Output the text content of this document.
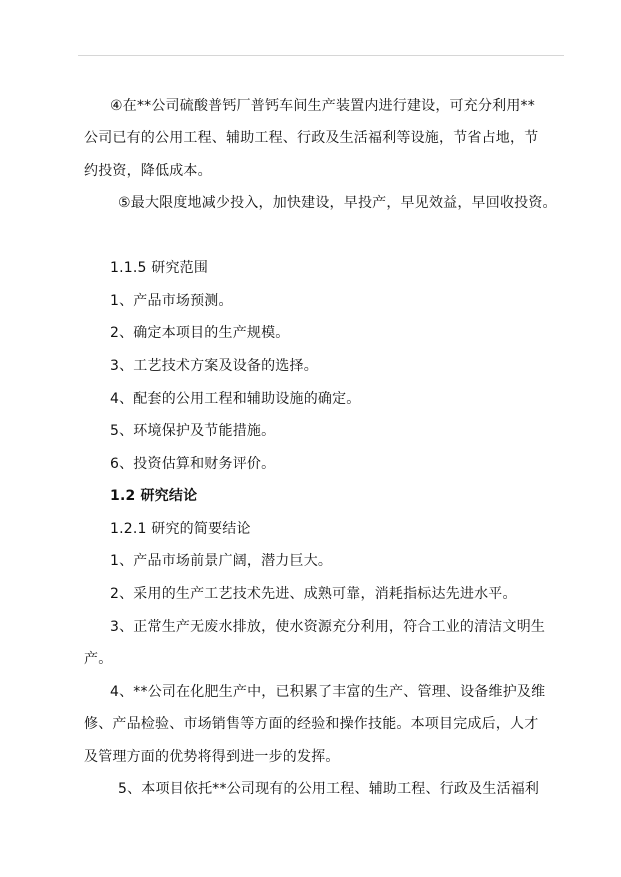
④在**公司硫酸普钙厂普钙车间生产装置内进行建设，可充分利用**
公司已有的公用工程、辅助工程、行政及生活福利等设施，节省占地，节
约投资，降低成本。
⑤最大限度地减少投入，加快建设，早投产，早见效益，早回收投资。
1.1.5 研究范围
1、产品市场预测。
2、确定本项目的生产规模。
3、工艺技术方案及设备的选择。
4、配套的公用工程和辅助设施的确定。
5、环境保护及节能措施。
6、投资估算和财务评价。
1.2 研究结论
1.2.1 研究的简要结论
1、产品市场前景广阔，潜力巨大。
2、采用的生产工艺技术先进、成熟可靠，消耗指标达先进水平。
3、正常生产无废水排放，使水资源充分利用，符合工业的清洁文明生
产。
4、**公司在化肥生产中，已积累了丰富的生产、管理、设备维护及维
修、产品检验、市场销售等方面的经验和操作技能。本项目完成后，人才
及管理方面的优势将得到进一步的发挥。
5、本项目依托**公司现有的公用工程、辅助工程、行政及生活福利
